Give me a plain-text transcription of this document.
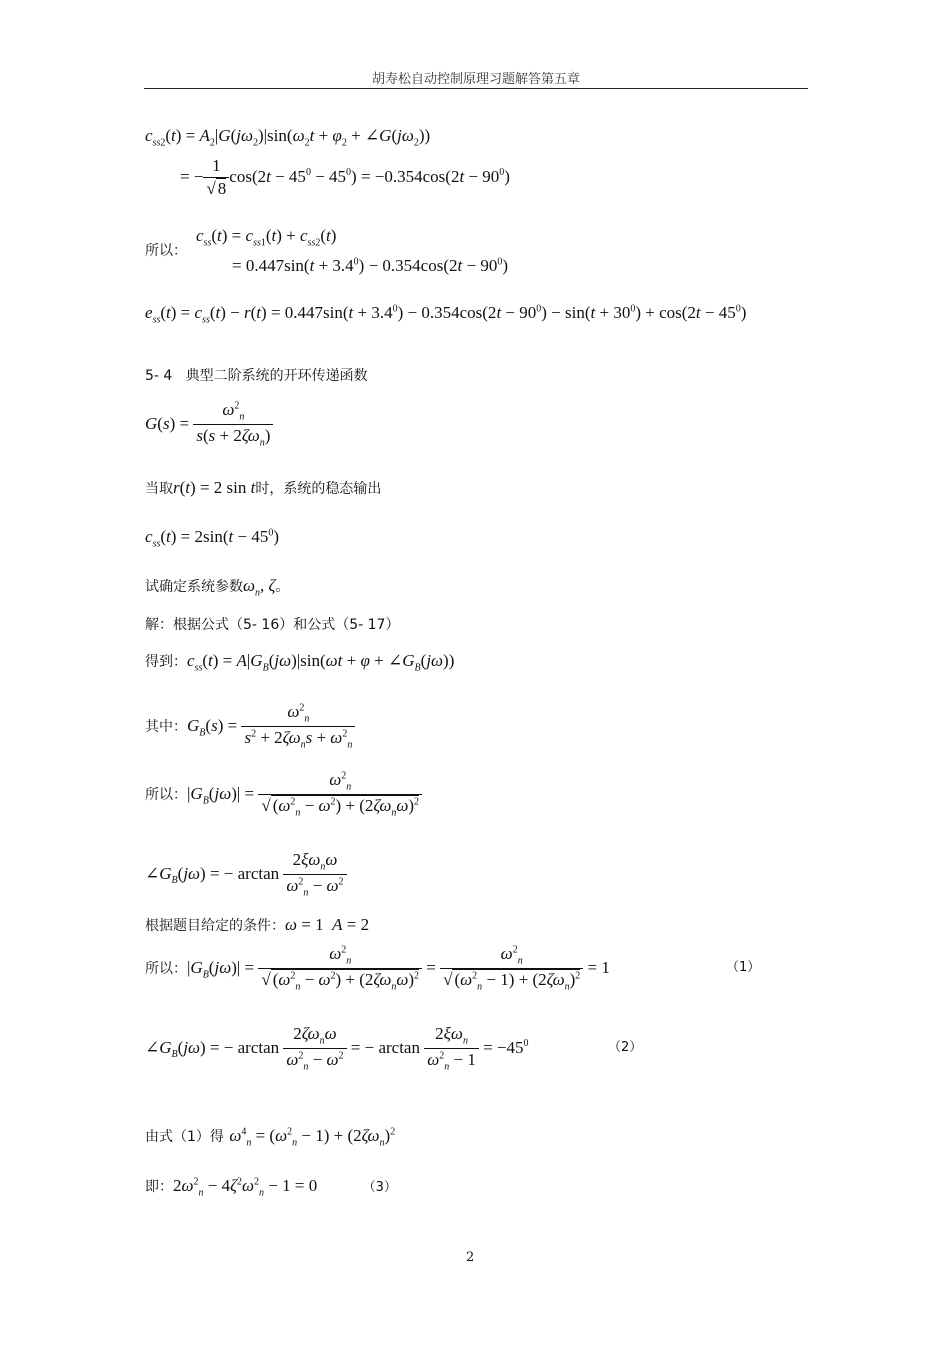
胡寿松自动控制原理习题解答第五章
$c_{ss2}(t) = A_2|G(j\omega_2)|\sin(\omega_2t + \varphi_2$ + $\angle G(j\omega_2)$)
= − $\frac{1}{√ 8} \cos(2t - 45^0 - 45^0) = -0.354\cos(2t - 90^0)$
所以：
$c_{ss}(t) = c_{ss1}(t) + c_{ss2}(t)$
= $0.447\sin(t + 3.4^0) - 0.354\cos(2t - 90^0)$
$e_{ss}(t) = c_{ss}(t) - r(t) = 0.447\sin(t + 3.4^0) - 0.354\cos(2t - 90^0) - \sin(t + 30^0) + \cos(2t - 45^0)$
5- 4 典型二阶系统的开环传递函数
$G(s) = \frac{\omega^2_n}{s(s + 2\zeta\omega_n)}$
当取r(t) = 2 sin t时，系统的稳态输出
$c_{ss}(t) = 2\sin(t - 45^0)$
试确定系统参数$\omega_n$, ζ。
解：根据公式（5- 16）和公式（5- 17）
得到：$c_{ss}(t) = A|G_B(j\omega)|\sin(\omega t + \varphi$ + $\angle G_B(j\omega)$)
其中：$G_B(s) = \frac{\omega^2_n}{s^2 + 2\zeta\omega_ns + \omega^2_n}$
所以：$|G_B(j\omega)| = \frac{\omega^2_n}{√ (\omega^2_n - \omega^2) + (2\zeta\omega_n\omega)^2}$
$\angle G_B(j\omega)$ = − $\arctan \frac{2\xi\omega_n\omega}{\omega^2_n - \omega^2}$
根据题目给定的条件：ω = 1  A = 2
所以：$|G_B(j\omega)| = \frac{\omega^2_n}{√ (\omega^2_n - \omega^2) + (2\zeta\omega_n\omega)^2} = \frac{\omega^2_n}{√ (\omega^2_n - 1) + (2\zeta\omega_n)^2} = 1$	（1）
$\angle G_B(j\omega)$ = − $\arctan \frac{2\zeta\omega_n\omega}{\omega^2_n - \omega^2}$ = − $\arctan \frac{2\xi\omega_n}{\omega^2_n - 1} = -45^0$	（2）
由式（1）得 $\omega^4_n = (\omega^2_n - 1) + (2\zeta\omega_n)^2$
即：$2\omega^2_n - 4\zeta^2\omega^2_n - 1 = 0$	（3）
2
